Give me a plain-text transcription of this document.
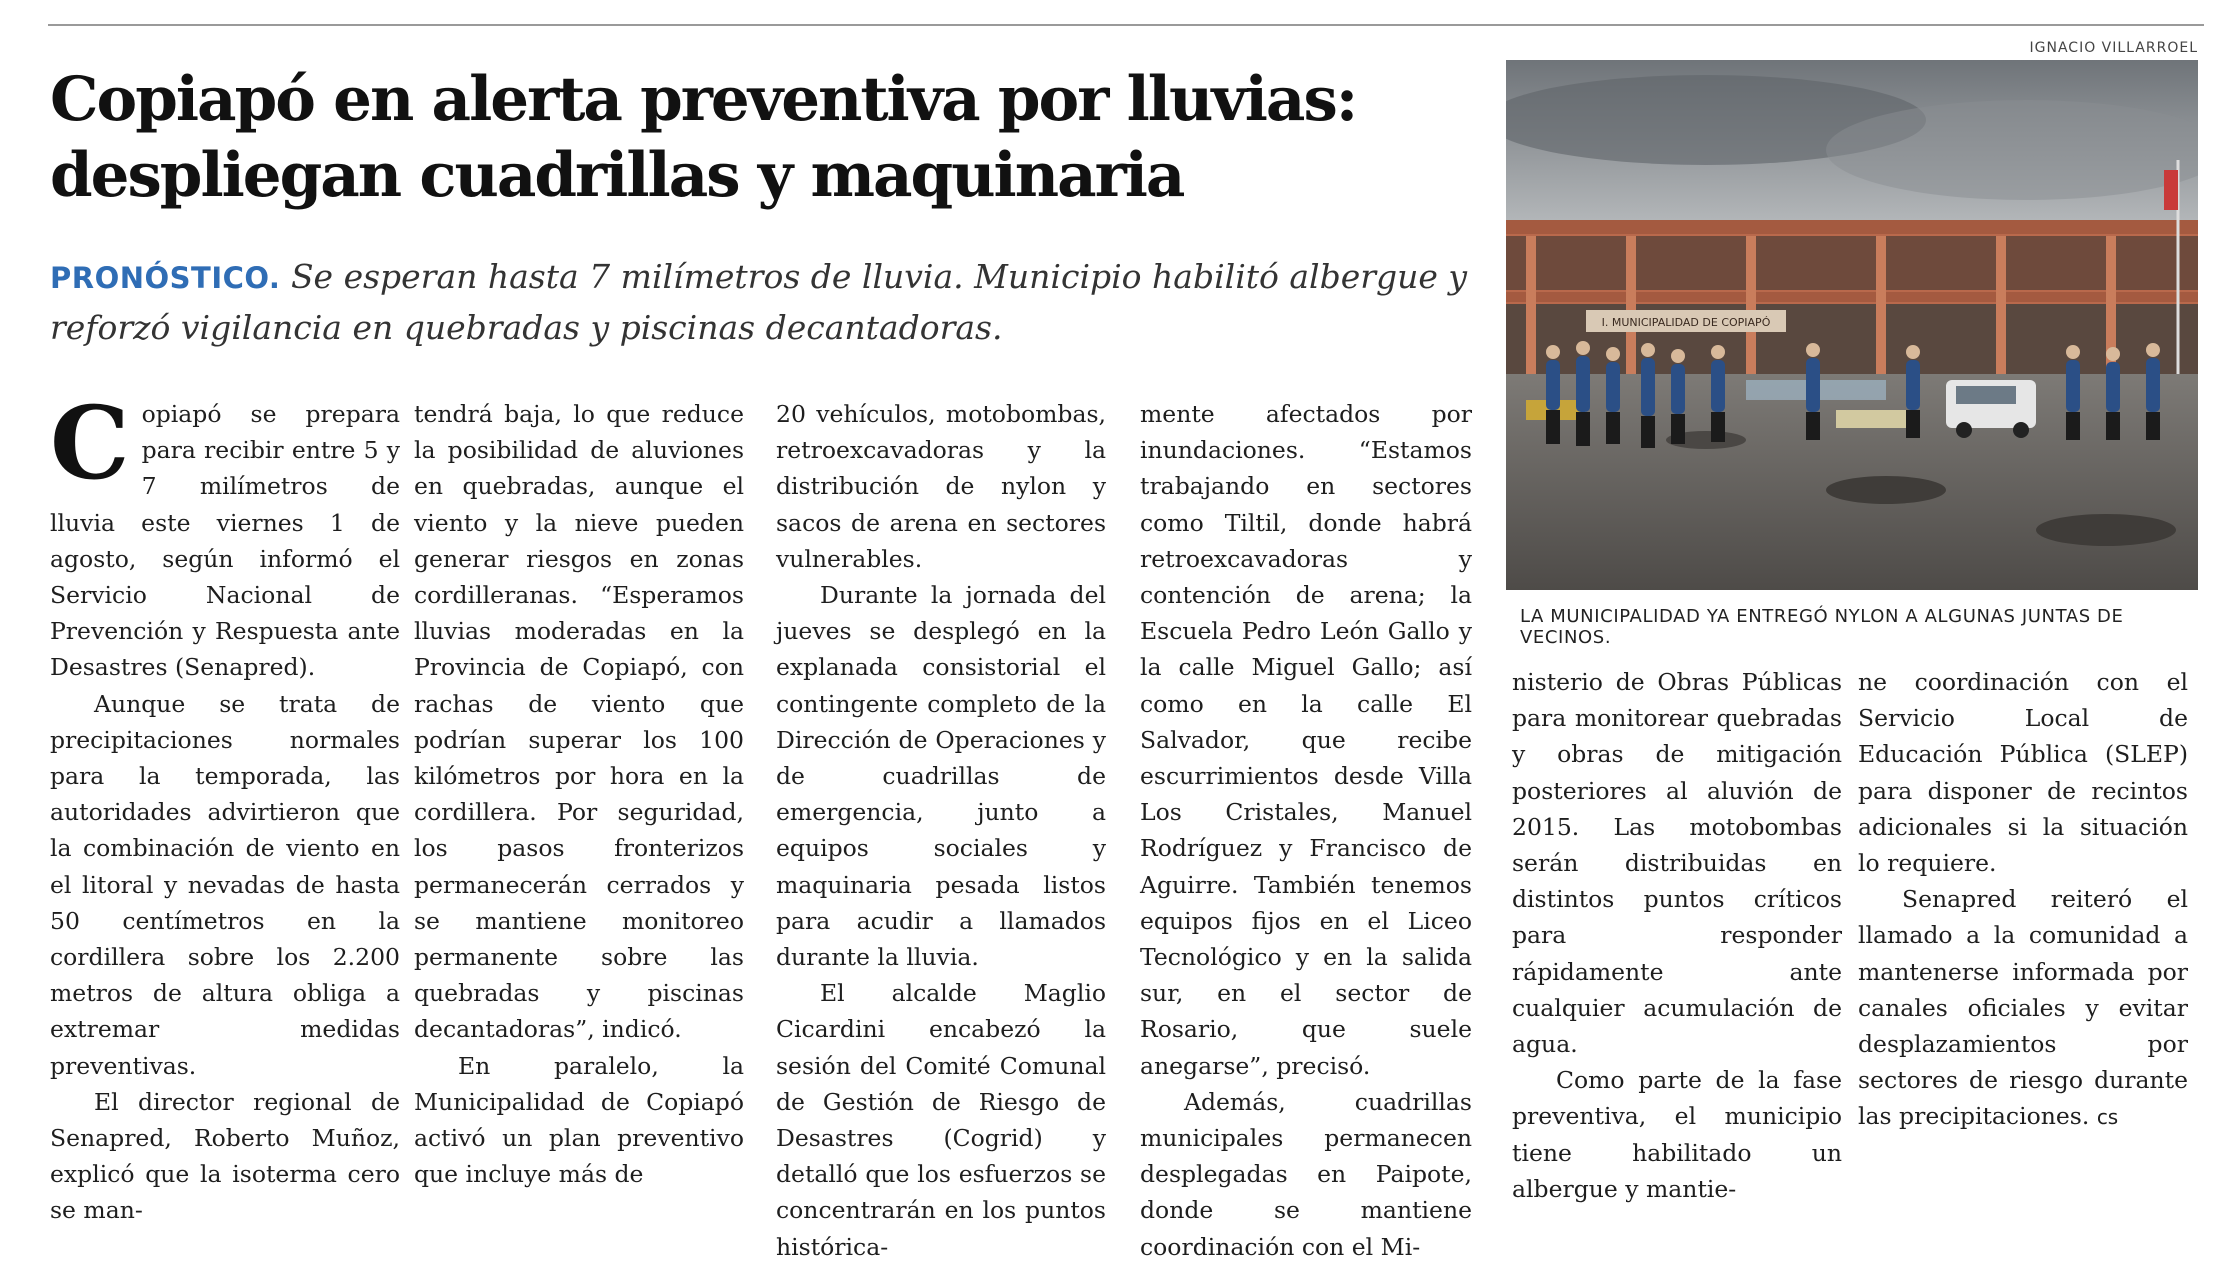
Copiapó en alerta preventiva por lluvias:
despliegan cuadrillas y maquinaria

PRONÓSTICO. Se esperan hasta 7 milímetros de lluvia. Municipio habilitó albergue y reforzó vigilancia en quebradas y piscinas decantadoras.

IGNACIO VILLARROEL
I. MUNICIPALIDAD DE COPIAPÓ
LA MUNICIPALIDAD YA ENTREGÓ NYLON A ALGUNAS JUNTAS DE VECINOS.

Copiapó se prepara para recibir entre 5 y 7 milímetros de lluvia este viernes 1 de agosto, según informó el Servicio Nacional de Prevención y Respuesta ante Desastres (Senapred).

Aunque se trata de precipitaciones normales para la temporada, las autoridades advirtieron que la combinación de viento en el litoral y nevadas de hasta 50 centímetros en la cordillera sobre los 2.200 metros de altura obliga a extremar medidas preventivas.

El director regional de Senapred, Roberto Muñoz, explicó que la isoterma cero se man-

tendrá baja, lo que reduce la posibilidad de aluviones en quebradas, aunque el viento y la nieve pueden generar riesgos en zonas cordilleranas. “Esperamos lluvias moderadas en la Provincia de Copiapó, con rachas de viento que podrían superar los 100 kilómetros por hora en la cordillera. Por seguridad, los pasos fronterizos permanecerán cerrados y se mantiene monitoreo permanente sobre las quebradas y piscinas decantadoras”, indicó.

En paralelo, la Municipalidad de Copiapó activó un plan preventivo que incluye más de

20 vehículos, motobombas, retroexcavadoras y la distribución de nylon y sacos de arena en sectores vulnerables.

Durante la jornada del jueves se desplegó en la explanada consistorial el contingente completo de la Dirección de Operaciones y de cuadrillas de emergencia, junto a equipos sociales y maquinaria pesada listos para acudir a llamados durante la lluvia.

El alcalde Maglio Cicardini encabezó la sesión del Comité Comunal de Gestión de Riesgo de Desastres (Cogrid) y detalló que los esfuerzos se concentrarán en los puntos histórica-

mente afectados por inundaciones. “Estamos trabajando en sectores como Tiltil, donde habrá retroexcavadoras y contención de arena; la Escuela Pedro León Gallo y la calle Miguel Gallo; así como en la calle El Salvador, que recibe escurrimientos desde Villa Los Cristales, Manuel Rodríguez y Francisco de Aguirre. También tenemos equipos fijos en el Liceo Tecnológico y en la salida sur, en el sector de Rosario, que suele anegarse”, precisó.

Además, cuadrillas municipales permanecen desplegadas en Paipote, donde se mantiene coordinación con el Mi-

nisterio de Obras Públicas para monitorear quebradas y obras de mitigación posteriores al aluvión de 2015. Las motobombas serán distribuidas en distintos puntos críticos para responder rápidamente ante cualquier acumulación de agua.

Como parte de la fase preventiva, el municipio tiene habilitado un albergue y mantie-

ne coordinación con el Servicio Local de Educación Pública (SLEP) para disponer de recintos adicionales si la situación lo requiere.

Senapred reiteró el llamado a la comunidad a mantenerse informada por canales oficiales y evitar desplazamientos por sectores de riesgo durante las precipitaciones. cs
